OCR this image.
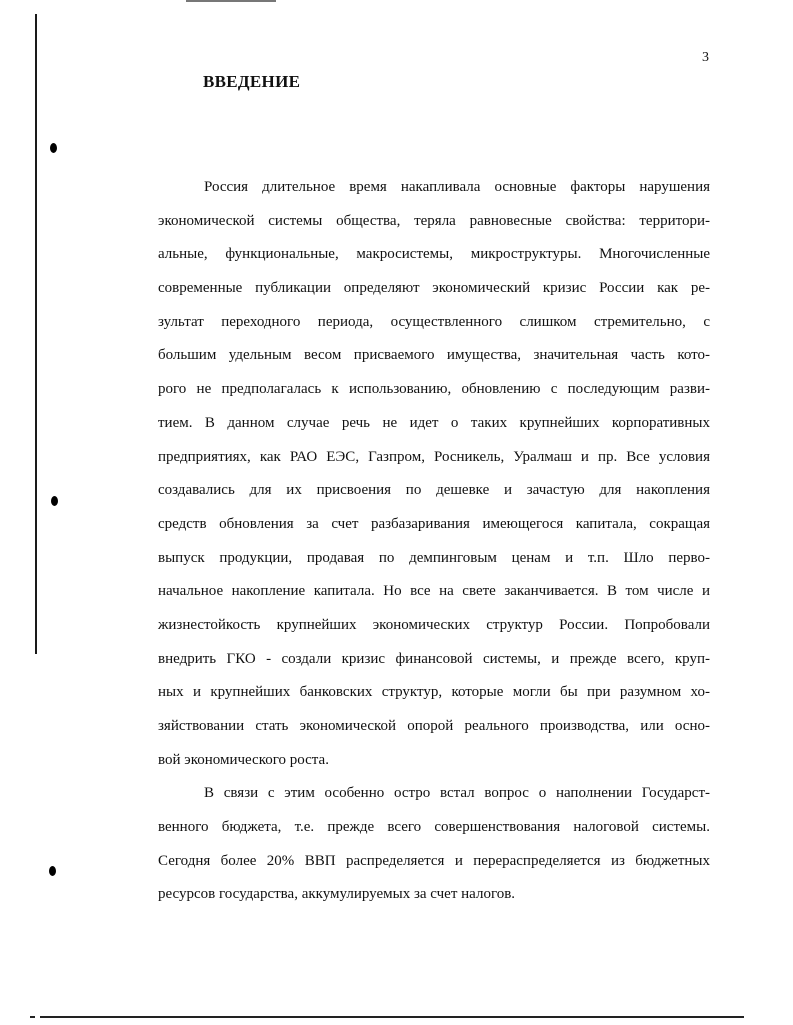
3
ВВЕДЕНИЕ
Россия длительное время накапливала основные факторы нарушения
экономической системы общества, теряла равновесные свойства: территори-
альные, функциональные, макросистемы, микроструктуры. Многочисленные
современные публикации определяют экономический кризис России как ре-
зультат переходного периода, осуществленного слишком стремительно, с
большим удельным весом присваемого имущества, значительная часть кото-
рого не предполагалась к использованию, обновлению с последующим разви-
тием. В данном случае речь не идет о таких крупнейших корпоративных
предприятиях, как РАО ЕЭС, Газпром, Росникель, Уралмаш и пр. Все условия
создавались для их присвоения по дешевке и зачастую для накопления
средств обновления за счет разбазаривания имеющегося капитала, сокращая
выпуск продукции, продавая по демпинговым ценам и т.п. Шло перво-
начальное накопление капитала. Но все на свете заканчивается. В том числе и
жизнестойкость крупнейших экономических структур России. Попробовали
внедрить ГКО - создали кризис финансовой системы, и прежде всего, круп-
ных и крупнейших банковских структур, которые могли бы при разумном хо-
зяйствовании стать экономической опорой реального производства, или осно-
вой экономического роста.
В связи с этим особенно остро встал вопрос о наполнении Государст-
венного бюджета, т.е. прежде всего совершенствования налоговой системы.
Сегодня более 20% ВВП распределяется и перераспределяется из бюджетных
ресурсов государства, аккумулируемых за счет налогов.
